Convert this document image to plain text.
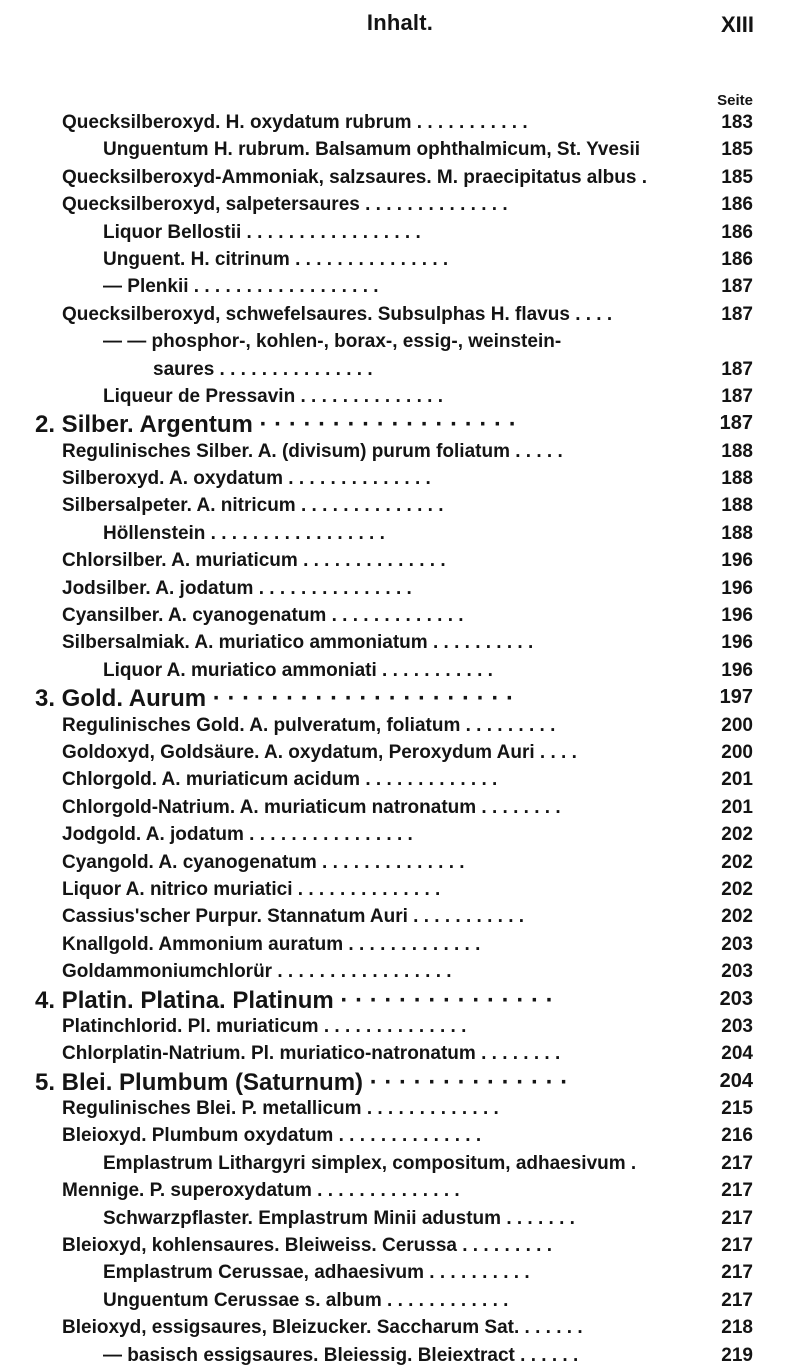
Inhalt.	XIII
Seite
Quecksilberoxyd. H. oxydatum rubrum . . . . . . . . . . .	183
Unguentum H. rubrum. Balsamum ophthalmicum, St. Yvesii	185
Quecksilberoxyd-Ammoniak, salzsaures. M. praecipitatus albus .	185
Quecksilberoxyd, salpetersaures . . . . . . . . . . . . . .	186
Liquor Bellostii . . . . . . . . . . . . . . . . .	186
Unguent. H. citrinum . . . . . . . . . . . . . . .	186
— Plenkii . . . . . . . . . . . . . . . . . .	187
Quecksilberoxyd, schwefelsaures. Subsulphas H. flavus . . . .	187
— — phosphor-, kohlen-, borax-, essig-, weinstein-
saures . . . . . . . . . . . . . . .	187
Liqueur de Pressavin . . . . . . . . . . . . . .	187
2. Silber. Argentum · · · · · · · · · · · · · · · · · ·	187
Regulinisches Silber. A. (divisum) purum foliatum . . . . .	188
Silberoxyd. A. oxydatum . . . . . . . . . . . . . .	188
Silbersalpeter. A. nitricum . . . . . . . . . . . . . .	188
Höllenstein . . . . . . . . . . . . . . . . .	188
Chlorsilber. A. muriaticum . . . . . . . . . . . . . .	196
Jodsilber. A. jodatum . . . . . . . . . . . . . . .	196
Cyansilber. A. cyanogenatum . . . . . . . . . . . . .	196
Silbersalmiak. A. muriatico ammoniatum . . . . . . . . . .	196
Liquor A. muriatico ammoniati . . . . . . . . . . .	196
3. Gold. Aurum · · · · · · · · · · · · · · · · · · · · ·	197
Regulinisches Gold. A. pulveratum, foliatum . . . . . . . . .	200
Goldoxyd, Goldsäure. A. oxydatum, Peroxydum Auri . . . .	200
Chlorgold. A. muriaticum acidum . . . . . . . . . . . . .	201
Chlorgold-Natrium. A. muriaticum natronatum . . . . . . . .	201
Jodgold. A. jodatum . . . . . . . . . . . . . . . .	202
Cyangold. A. cyanogenatum . . . . . . . . . . . . . .	202
Liquor A. nitrico muriatici . . . . . . . . . . . . . .	202
Cassius'scher Purpur. Stannatum Auri . . . . . . . . . . .	202
Knallgold. Ammonium auratum . . . . . . . . . . . . .	203
Goldammoniumchlorür . . . . . . . . . . . . . . . . .	203
4. Platin. Platina. Platinum · · · · · · · · · · · · · · ·	203
Platinchlorid. Pl. muriaticum . . . . . . . . . . . . . .	203
Chlorplatin-Natrium. Pl. muriatico-natronatum . . . . . . . .	204
5. Blei. Plumbum (Saturnum) · · · · · · · · · · · · · ·	204
Regulinisches Blei. P. metallicum . . . . . . . . . . . . .	215
Bleioxyd. Plumbum oxydatum . . . . . . . . . . . . . .	216
Emplastrum Lithargyri simplex, compositum, adhaesivum .	217
Mennige. P. superoxydatum . . . . . . . . . . . . . .	217
Schwarzpflaster. Emplastrum Minii adustum . . . . . . .	217
Bleioxyd, kohlensaures. Bleiweiss. Cerussa . . . . . . . . .	217
Emplastrum Cerussae, adhaesivum . . . . . . . . . .	217
Unguentum Cerussae s. album . . . . . . . . . . . .	217
Bleioxyd, essigsaures, Bleizucker. Saccharum Sat. . . . . . .	218
— basisch essigsaures. Bleiessig. Bleiextract . . . . . .	219
